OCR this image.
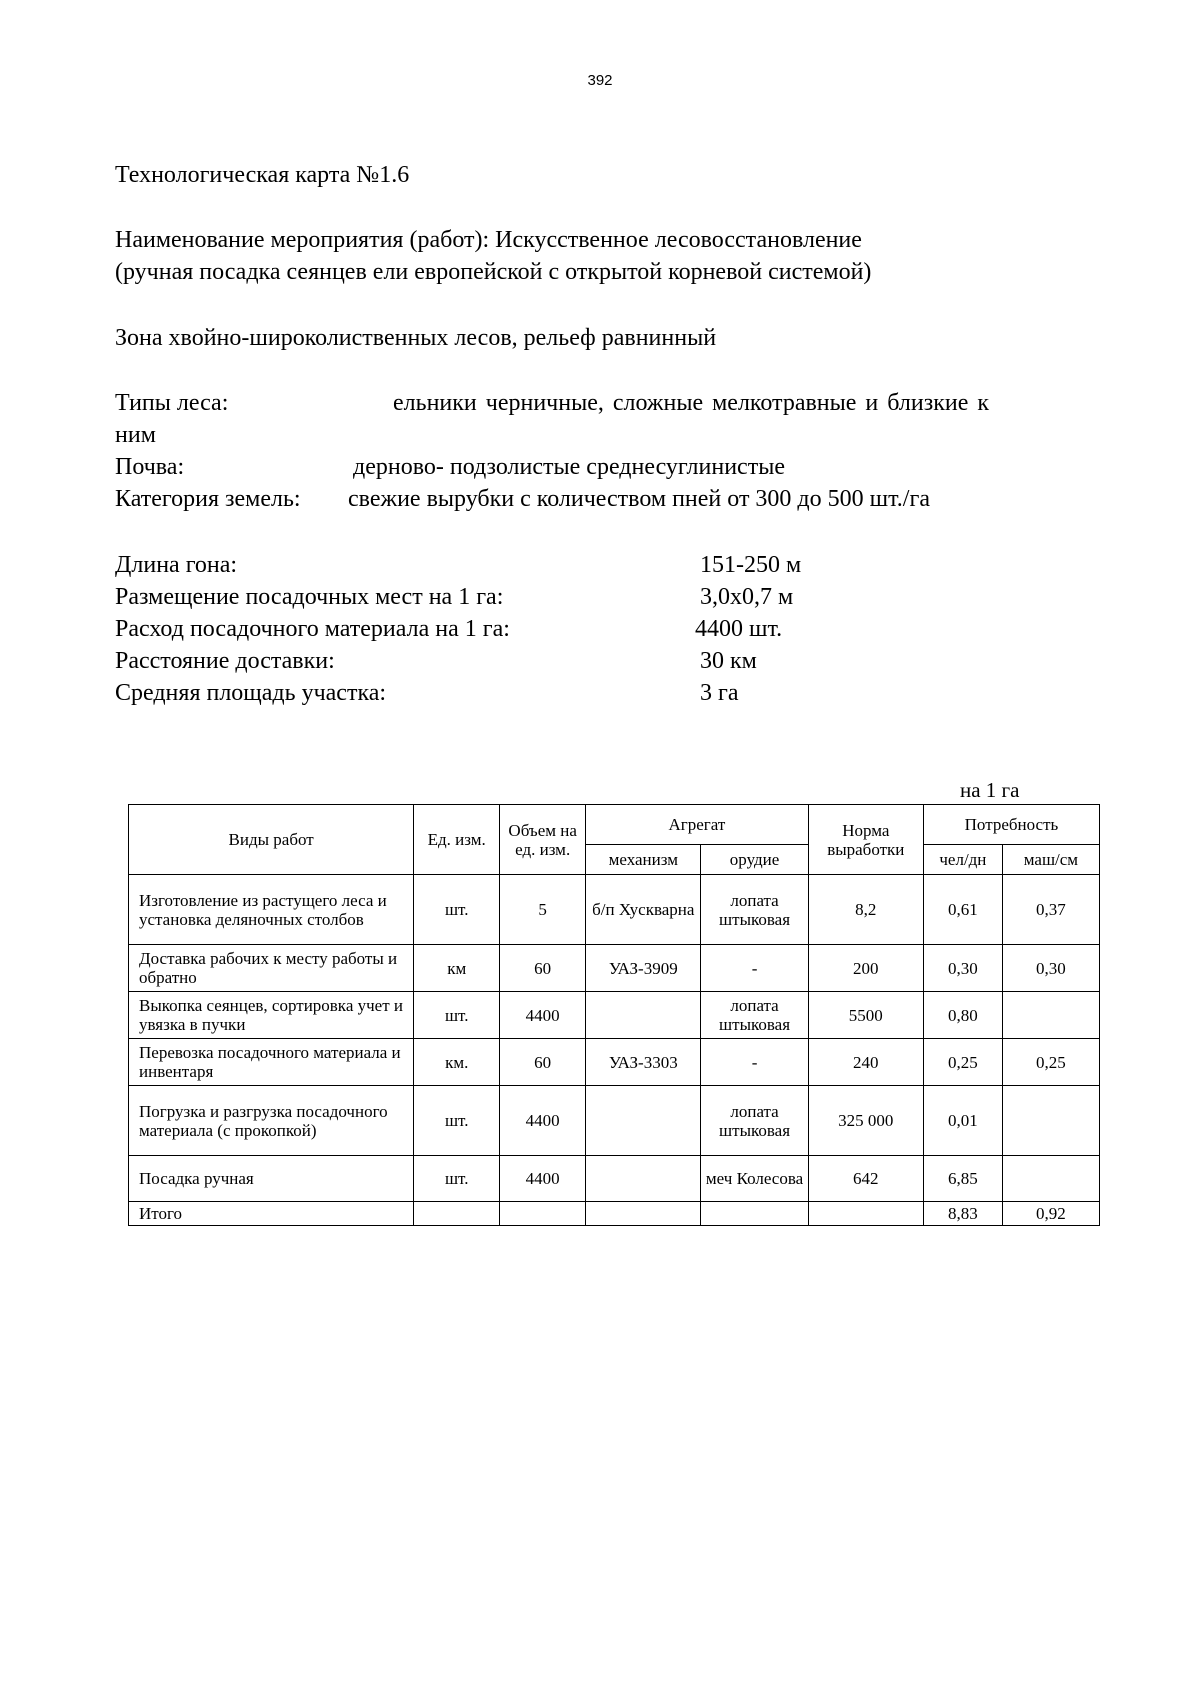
392
Технологическая карта №1.6
Наименование мероприятия (работ): Искусственное лесовосстановление
(ручная посадка сеянцев ели европейской с открытой корневой системой)
Зона хвойно-широколиственных лесов, рельеф равнинный
Типы леса:	ельники черничные, сложные мелкотравные и близкие к
ним
Почва:	дерново- подзолистые среднесуглинистые
Категория земель: свежие вырубки с количеством пней от 300 до 500 шт./га
Длина гона:	151-250 м
Размещение посадочных мест на 1 га:	3,0х0,7 м
Расход посадочного материала на 1 га:	4400 шт.
Расстояние доставки:	30 км
Средняя площадь участка:	3 га
на 1 га
Виды работ	Ед. изм.	Объем на ед. изм.	Агрегат		Норма выработки	Потребность	
			механизм	орудие		чел/дн	маш/см
Изготовление из растущего леса и установка деляночных столбов	шт.	5	б/п Хускварна	лопата штыковая	8,2	0,61	0,37
Доставка рабочих к месту работы и обратно	км	60	УАЗ-3909	-	200	0,30	0,30
Выкопка сеянцев, сортировка учет и увязка в пучки	шт.	4400		лопата штыковая	5500	0,80	
Перевозка посадочного материала и инвентаря	км.	60	УАЗ-3303	-	240	0,25	0,25
Погрузка и разгрузка посадочного материала (с прокопкой)	шт.	4400		лопата штыковая	325 000	0,01	
Посадка ручная	шт.	4400		меч Колесова	642	6,85	
Итого						8,83	0,92
